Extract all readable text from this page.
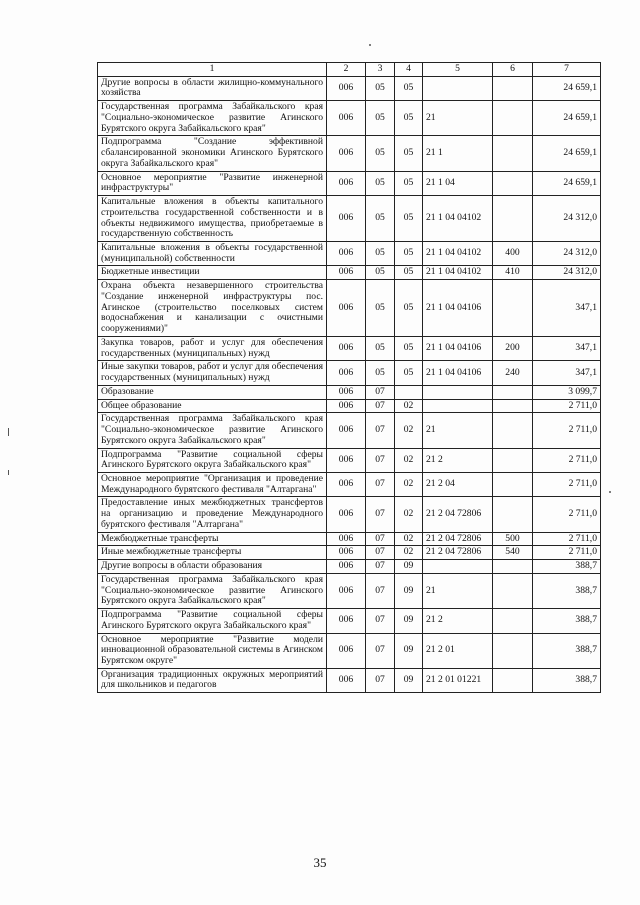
1	2	3	4	5	6	7
Другие вопросы в области жилищно-коммунального хозяйства	006	05	05			24 659,1
Государственная программа Забайкальского края "Социально-экономическое развитие Агинского Бурятского округа Забайкальского края"	006	05	05	21		24 659,1
Подпрограмма "Создание эффективной сбалансированной экономики Агинского Бурятского округа Забайкальского края"	006	05	05	21 1		24 659,1
Основное мероприятие "Развитие инженерной инфраструктуры"	006	05	05	21 1 04		24 659,1
Капитальные вложения в объекты капитального строительства государственной собственности и в объекты недвижимого имущества, приобретаемые в государственную собственность	006	05	05	21 1 04 04102		24 312,0
Капитальные вложения в объекты государственной (муниципальной) собственности	006	05	05	21 1 04 04102	400	24 312,0
Бюджетные инвестиции	006	05	05	21 1 04 04102	410	24 312,0
Охрана объекта незавершенного строительства "Создание инженерной инфраструктуры пос. Агинское (строительство поселковых систем водоснабжения и канализации с очистными сооружениями)"	006	05	05	21 1 04 04106		347,1
Закупка товаров, работ и услуг для обеспечения государственных (муниципальных) нужд	006	05	05	21 1 04 04106	200	347,1
Иные закупки товаров, работ и услуг для обеспечения государственных (муниципальных) нужд	006	05	05	21 1 04 04106	240	347,1
Образование	006	07				3 099,7
Общее образование	006	07	02			2 711,0
Государственная программа Забайкальского края "Социально-экономическое развитие Агинского Бурятского округа Забайкальского края"	006	07	02	21		2 711,0
Подпрограмма "Развитие социальной сферы Агинского Бурятского округа Забайкальского края"	006	07	02	21 2		2 711,0
Основное мероприятие "Организация и проведение Международного бурятского фестиваля "Алтаргана"	006	07	02	21 2 04		2 711,0
Предоставление иных межбюджетных трансфертов на организацию и проведение Международного бурятского фестиваля "Алтаргана"	006	07	02	21 2 04 72806		2 711,0
Межбюджетные трансферты	006	07	02	21 2 04 72806	500	2 711,0
Иные межбюджетные трансферты	006	07	02	21 2 04 72806	540	2 711,0
Другие вопросы в области образования	006	07	09			388,7
Государственная программа Забайкальского края "Социально-экономическое развитие Агинского Бурятского округа Забайкальского края"	006	07	09	21		388,7
Подпрограмма "Развитие социальной сферы Агинского Бурятского округа Забайкальского края"	006	07	09	21 2		388,7
Основное мероприятие "Развитие модели инновационной образовательной системы в Агинском Бурятском округе"	006	07	09	21 2 01		388,7
Организация традиционных окружных мероприятий для школьников и педагогов	006	07	09	21 2 01 01221		388,7
35
